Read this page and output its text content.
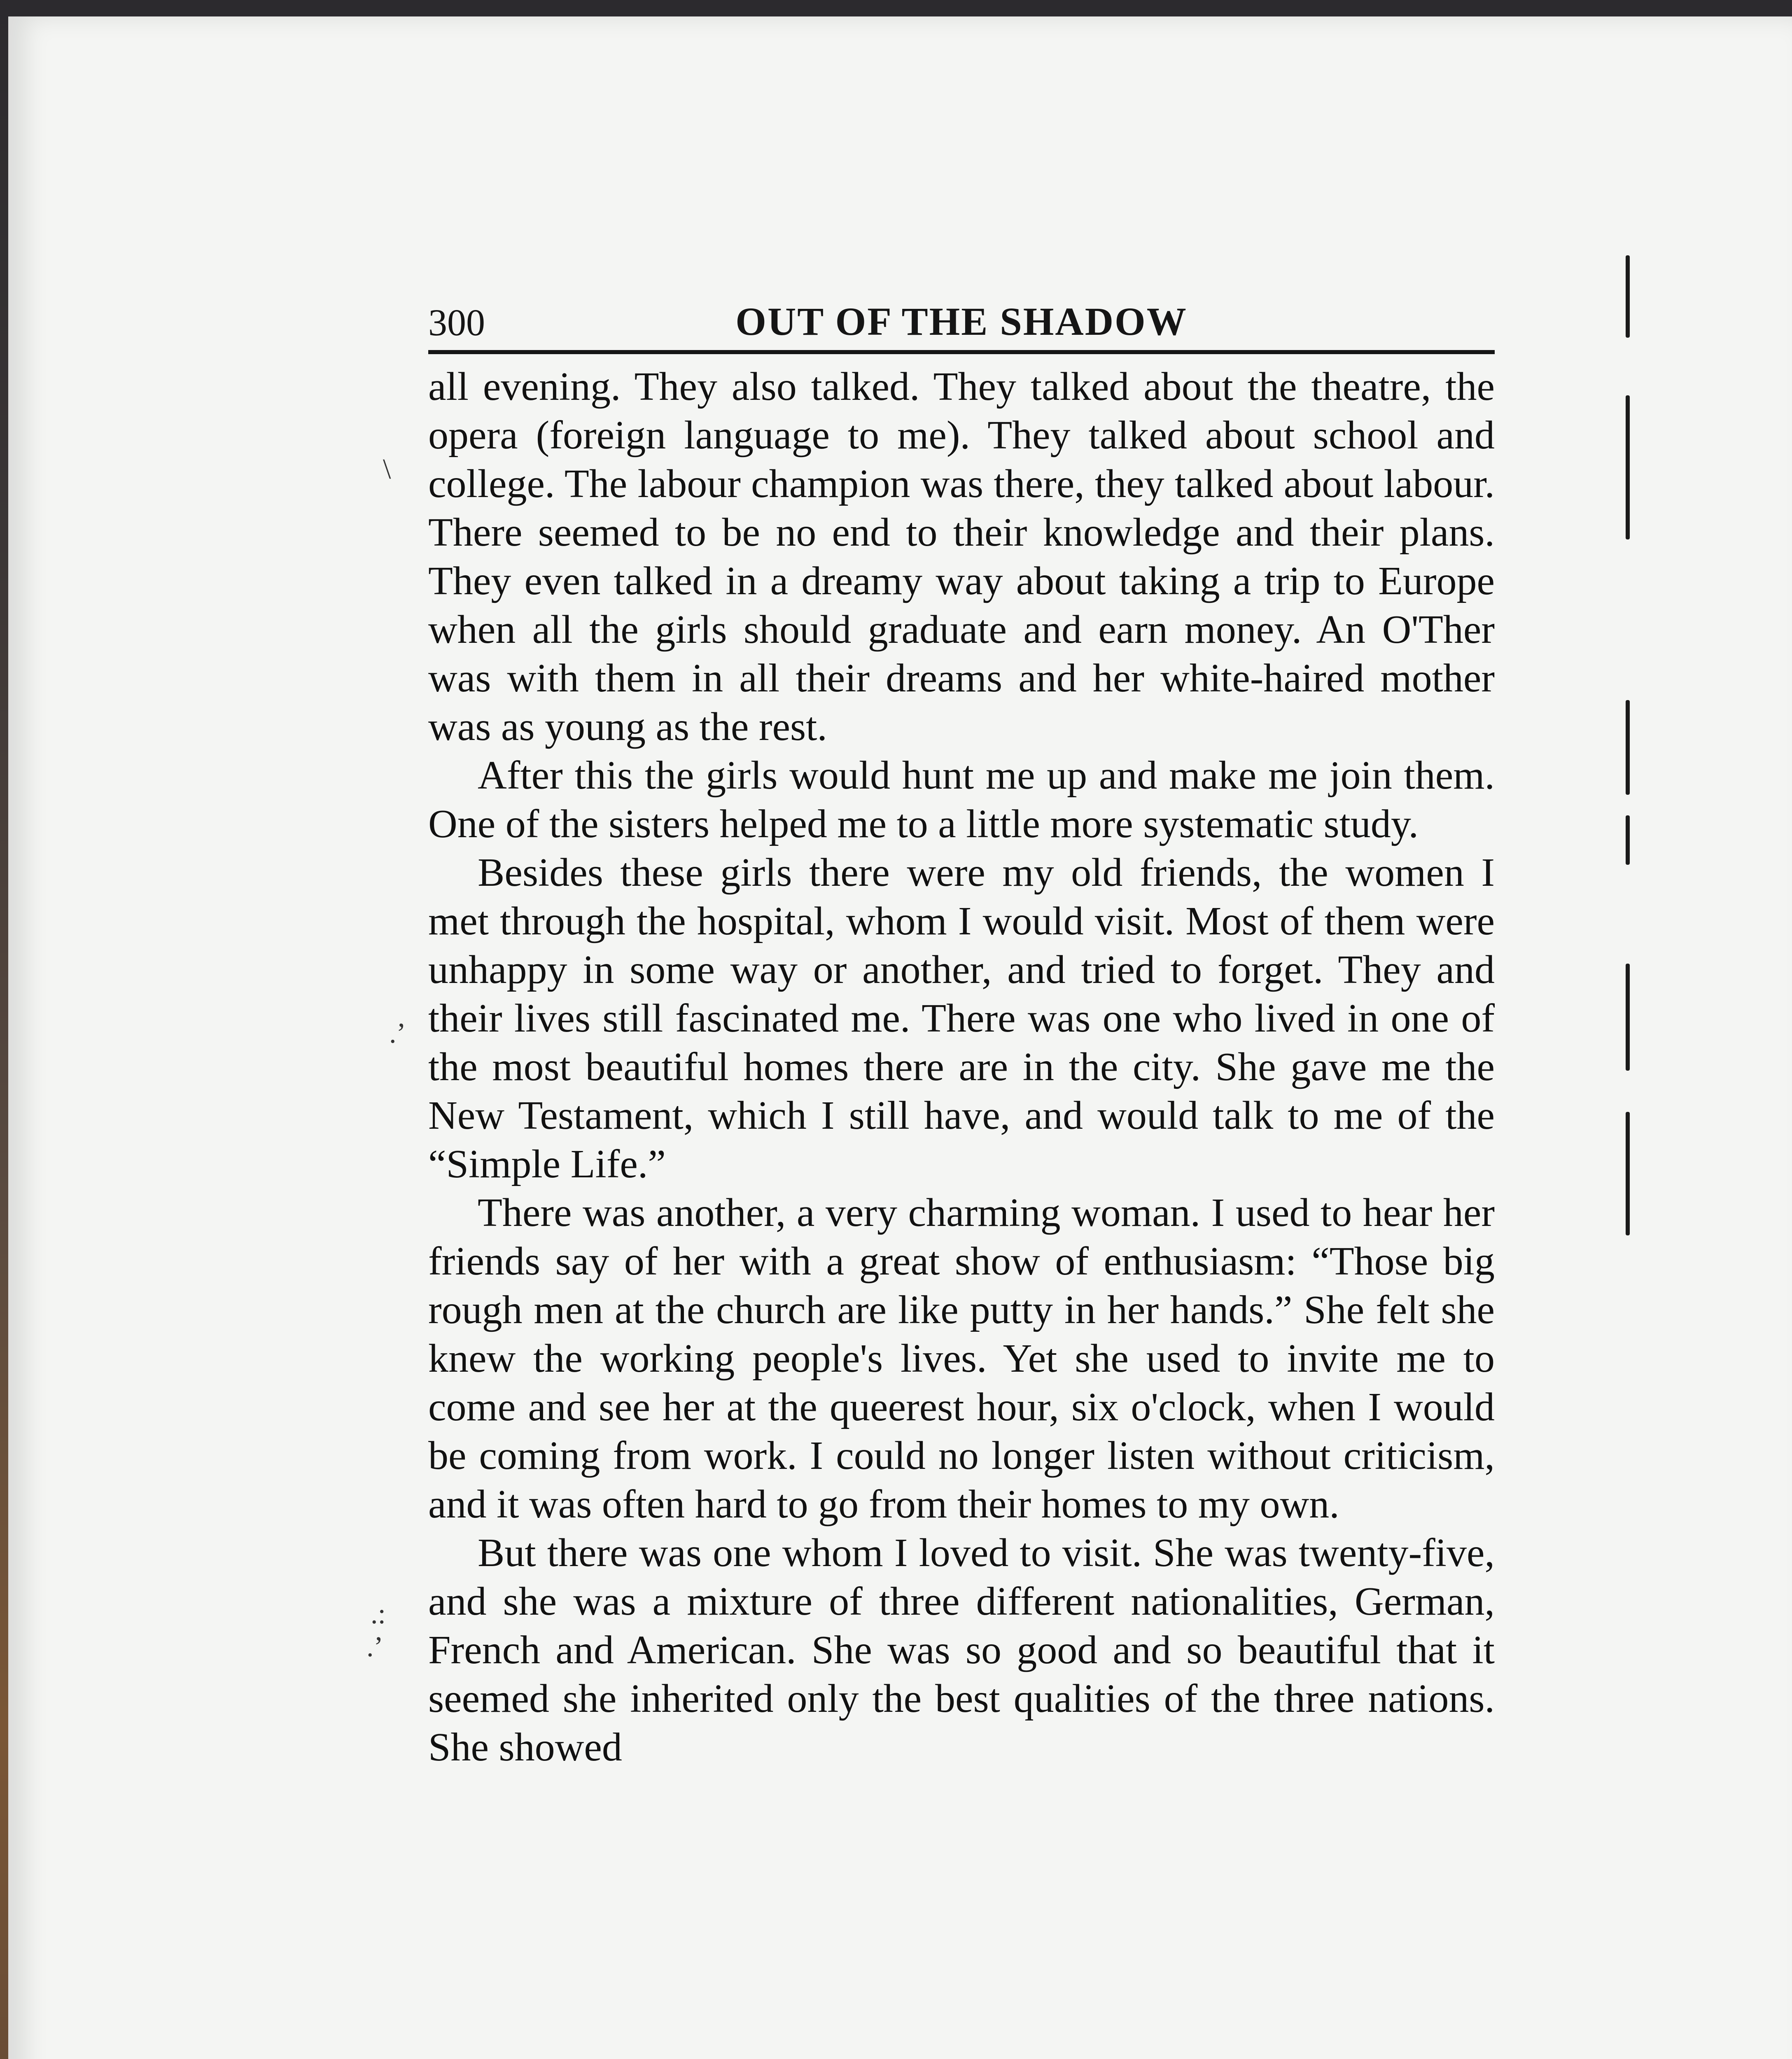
300	OUT OF THE SHADOW

all evening. They also talked. They talked about the theatre, the opera (foreign language to me). They talked about school and college. The labour champion was there, they talked about labour. There seemed to be no end to their knowledge and their plans. They even talked in a dreamy way about taking a trip to Europe when all the girls should graduate and earn money. An O'Ther was with them in all their dreams and her white-haired mother was as young as the rest.

After this the girls would hunt me up and make me join them. One of the sisters helped me to a little more systematic study.

Besides these girls there were my old friends, the women I met through the hospital, whom I would visit. Most of them were unhappy in some way or another, and tried to forget. They and their lives still fascinated me. There was one who lived in one of the most beautiful homes there are in the city. She gave me the New Testament, which I still have, and would talk to me of the “Simple Life.”

There was another, a very charming woman. I used to hear her friends say of her with a great show of enthusiasm: “Those big rough men at the church are like putty in her hands.” She felt she knew the working people's lives. Yet she used to invite me to come and see her at the queerest hour, six o'clock, when I would be coming from work. I could no longer listen without criticism, and it was often hard to go from their homes to my own.

But there was one whom I loved to visit. She was twenty-five, and she was a mixture of three different nationalities, German, French and American. She was so good and so beautiful that it seemed she inherited only the best qualities of the three nations. She showed

\
.’
.:
.’
